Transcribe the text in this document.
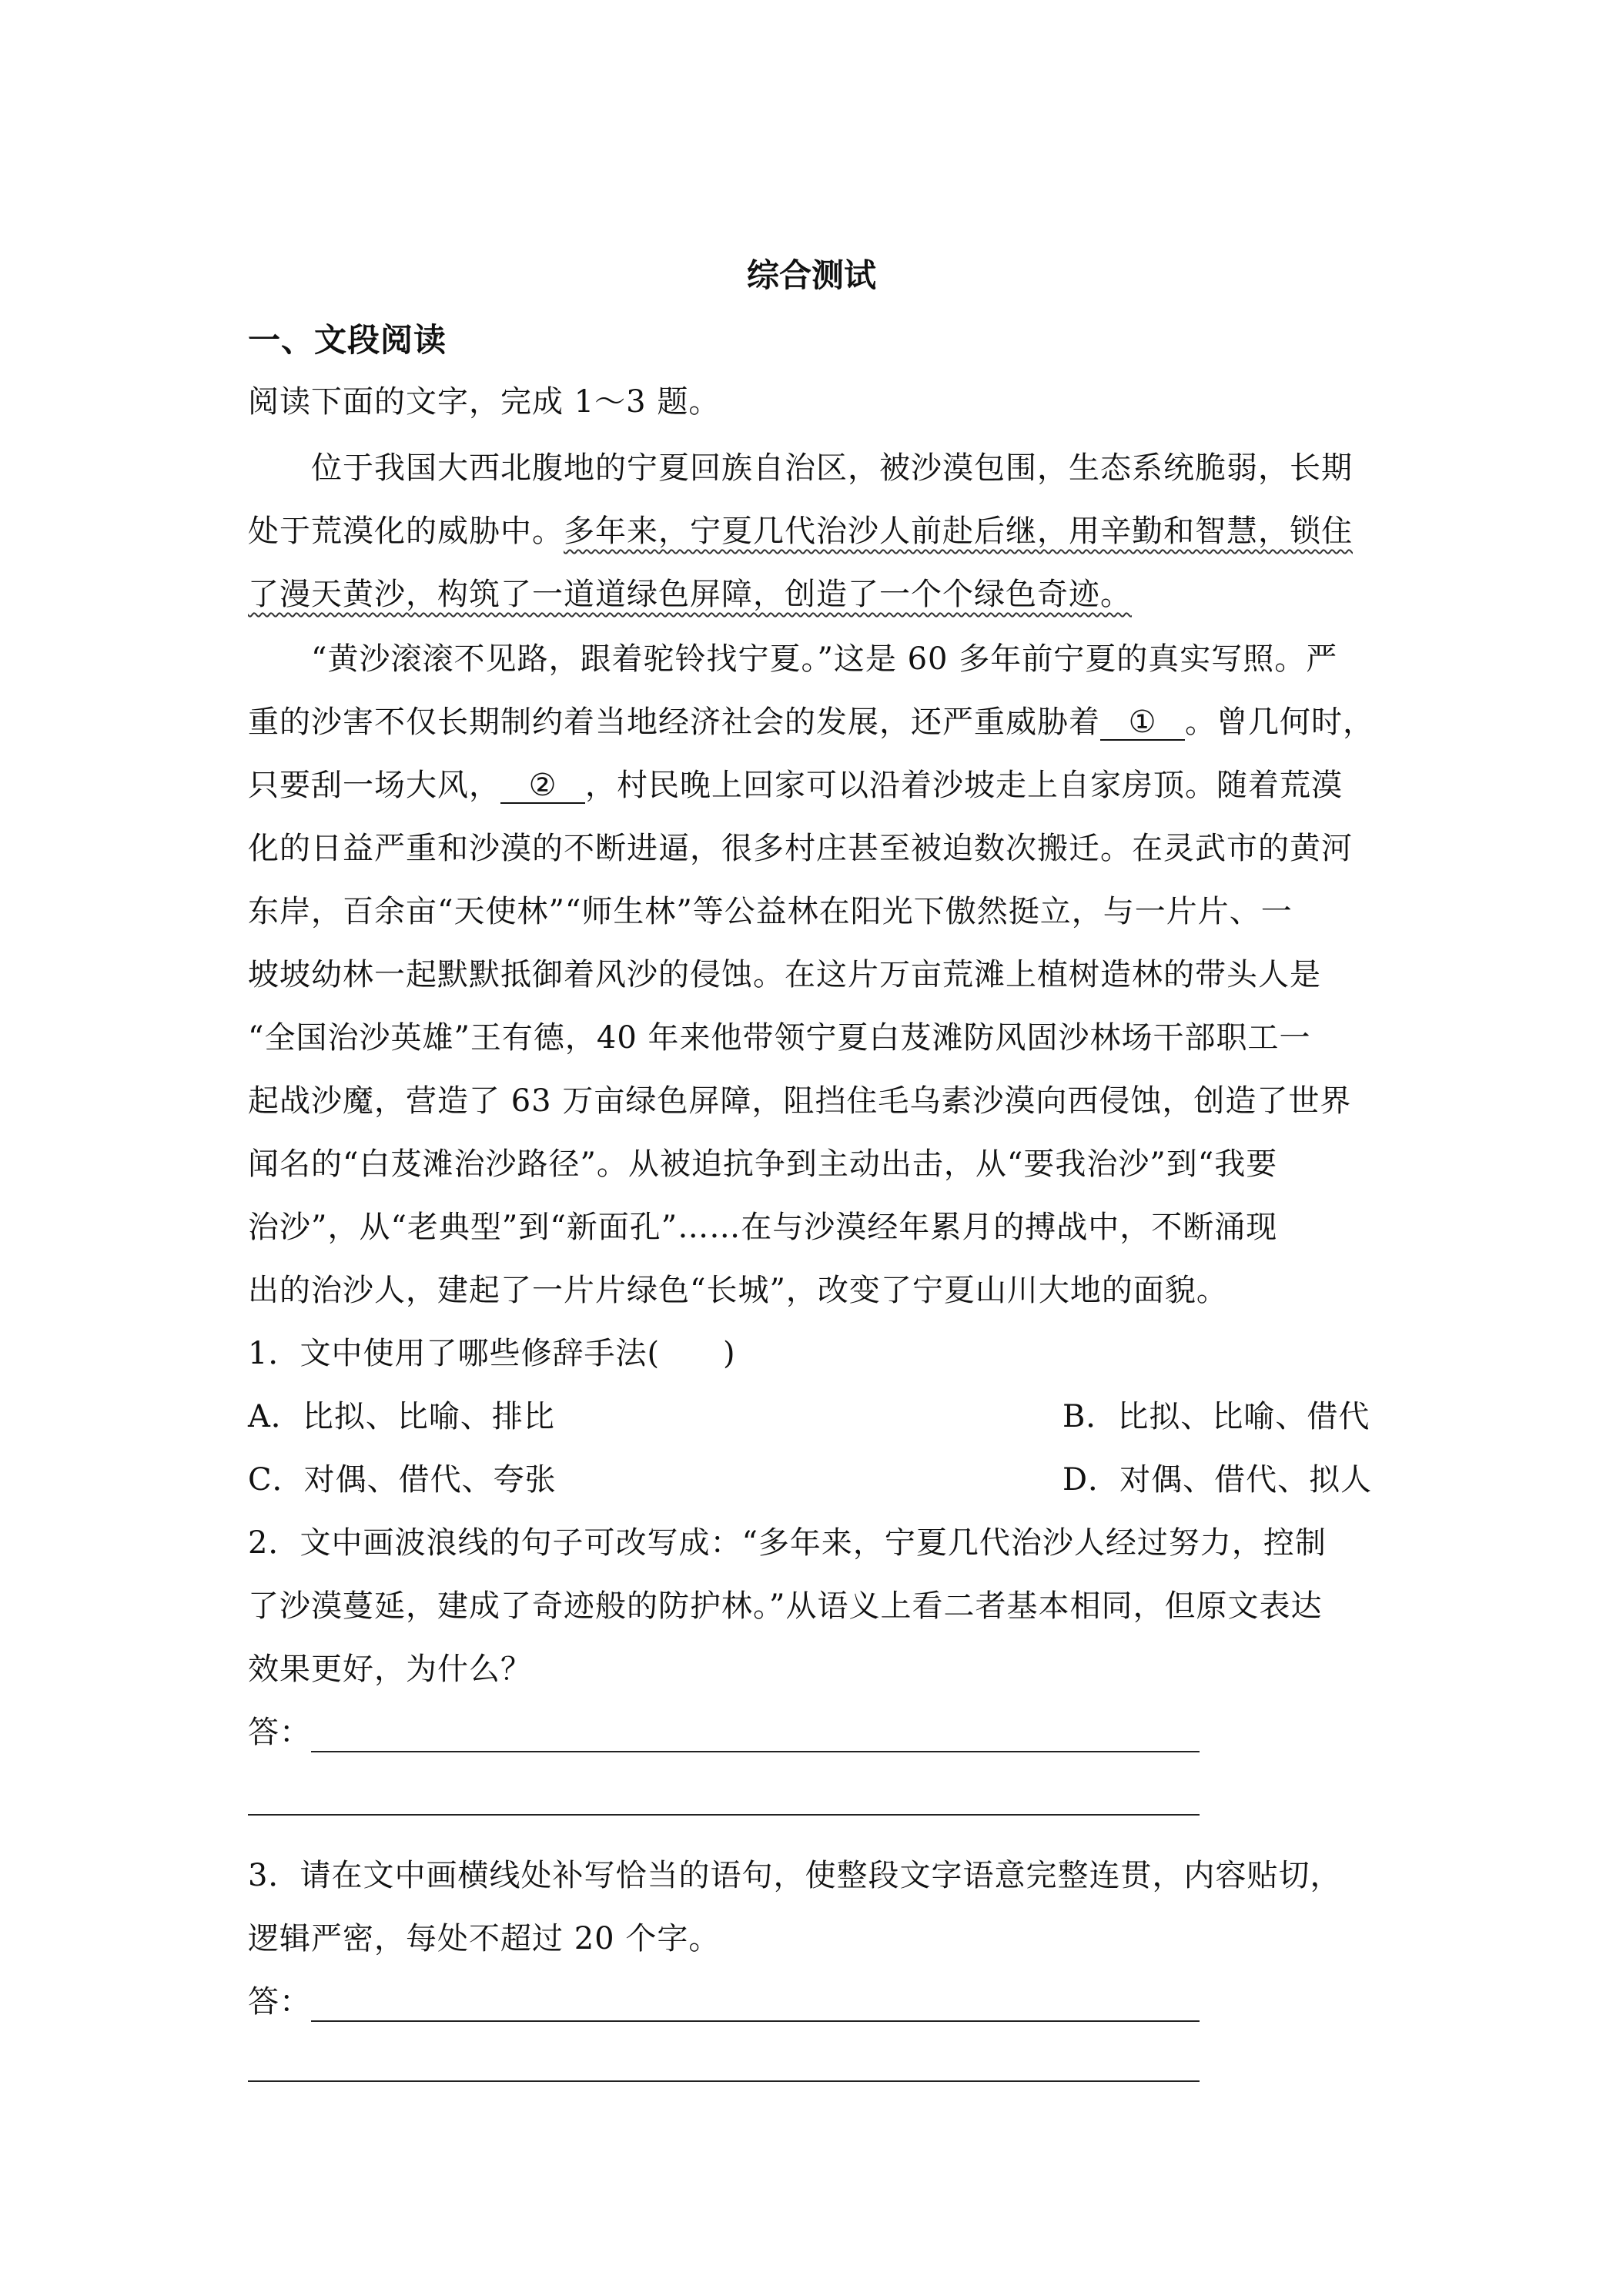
综合测试
一、文段阅读
阅读下面的文字，完成 1～3 题。
位于我国大西北腹地的宁夏回族自治区，被沙漠包围，生态系统脆弱，长期
处于荒漠化的威胁中。多年来，宁夏几代治沙人前赴后继，用辛勤和智慧，锁住
了漫天黄沙，构筑了一道道绿色屏障，创造了一个个绿色奇迹。
“黄沙滚滚不见路，跟着驼铃找宁夏。”这是 60 多年前宁夏的真实写照。严
重的沙害不仅长期制约着当地经济社会的发展，还严重威胁着 ① 。曾几何时，
只要刮一场大风， ② ，村民晚上回家可以沿着沙坡走上自家房顶。随着荒漠
化的日益严重和沙漠的不断进逼，很多村庄甚至被迫数次搬迁。在灵武市的黄河
东岸，百余亩“天使林”“师生林”等公益林在阳光下傲然挺立，与一片片、一
坡坡幼林一起默默抵御着风沙的侵蚀。在这片万亩荒滩上植树造林的带头人是
“全国治沙英雄”王有德，40 年来他带领宁夏白芨滩防风固沙林场干部职工一
起战沙魔，营造了 63 万亩绿色屏障，阻挡住毛乌素沙漠向西侵蚀，创造了世界
闻名的“白芨滩治沙路径”。从被迫抗争到主动出击，从“要我治沙”到“我要
治沙”，从“老典型”到“新面孔”……在与沙漠经年累月的搏战中，不断涌现
出的治沙人，建起了一片片绿色“长城”，改变了宁夏山川大地的面貌。
1．文中使用了哪些修辞手法(　　)
A．比拟、比喻、排比	B．比拟、比喻、借代
C．对偶、借代、夸张	D．对偶、借代、拟人
2．文中画波浪线的句子可改写成：“多年来，宁夏几代治沙人经过努力，控制
了沙漠蔓延，建成了奇迹般的防护林。”从语义上看二者基本相同，但原文表达
效果更好，为什么？
答：
3．请在文中画横线处补写恰当的语句，使整段文字语意完整连贯，内容贴切，
逻辑严密，每处不超过 20 个字。
答：
